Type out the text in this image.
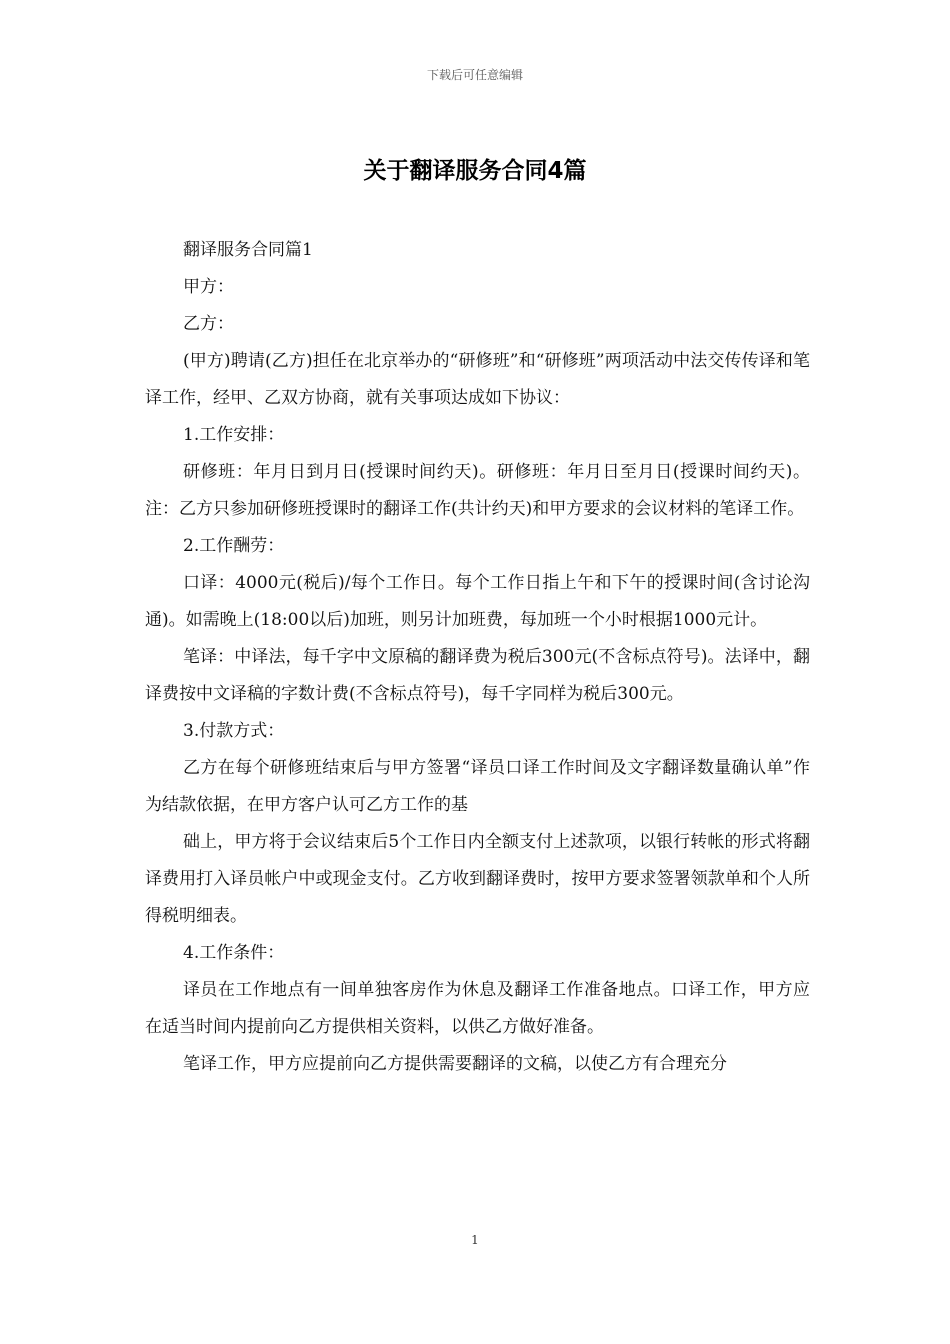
下载后可任意编辑
关于翻译服务合同4篇

翻译服务合同篇1

甲方：

乙方：

(甲方)聘请(乙方)担任在北京举办的“研修班”和“研修班”两项活动中法交传传译和笔译工作，经甲、乙双方协商，就有关事项达成如下协议：

1.工作安排：

研修班：年月日到月日(授课时间约天)。研修班：年月日至月日(授课时间约天)。注：乙方只参加研修班授课时的翻译工作(共计约天)和甲方要求的会议材料的笔译工作。

2.工作酬劳：

口译：4000元(税后)/每个工作日。每个工作日指上午和下午的授课时间(含讨论沟通)。如需晚上(18:00以后)加班，则另计加班费，每加班一个小时根据1000元计。

笔译：中译法，每千字中文原稿的翻译费为税后300元(不含标点符号)。法译中，翻译费按中文译稿的字数计费(不含标点符号)，每千字同样为税后300元。

3.付款方式：

乙方在每个研修班结束后与甲方签署“译员口译工作时间及文字翻译数量确认单”作为结款依据，在甲方客户认可乙方工作的基

础上，甲方将于会议结束后5个工作日内全额支付上述款项，以银行转帐的形式将翻译费用打入译员帐户中或现金支付。乙方收到翻译费时，按甲方要求签署领款单和个人所得税明细表。

4.工作条件：

译员在工作地点有一间单独客房作为休息及翻译工作准备地点。口译工作，甲方应在适当时间内提前向乙方提供相关资料，以供乙方做好准备。

笔译工作，甲方应提前向乙方提供需要翻译的文稿，以使乙方有合理充分

1
